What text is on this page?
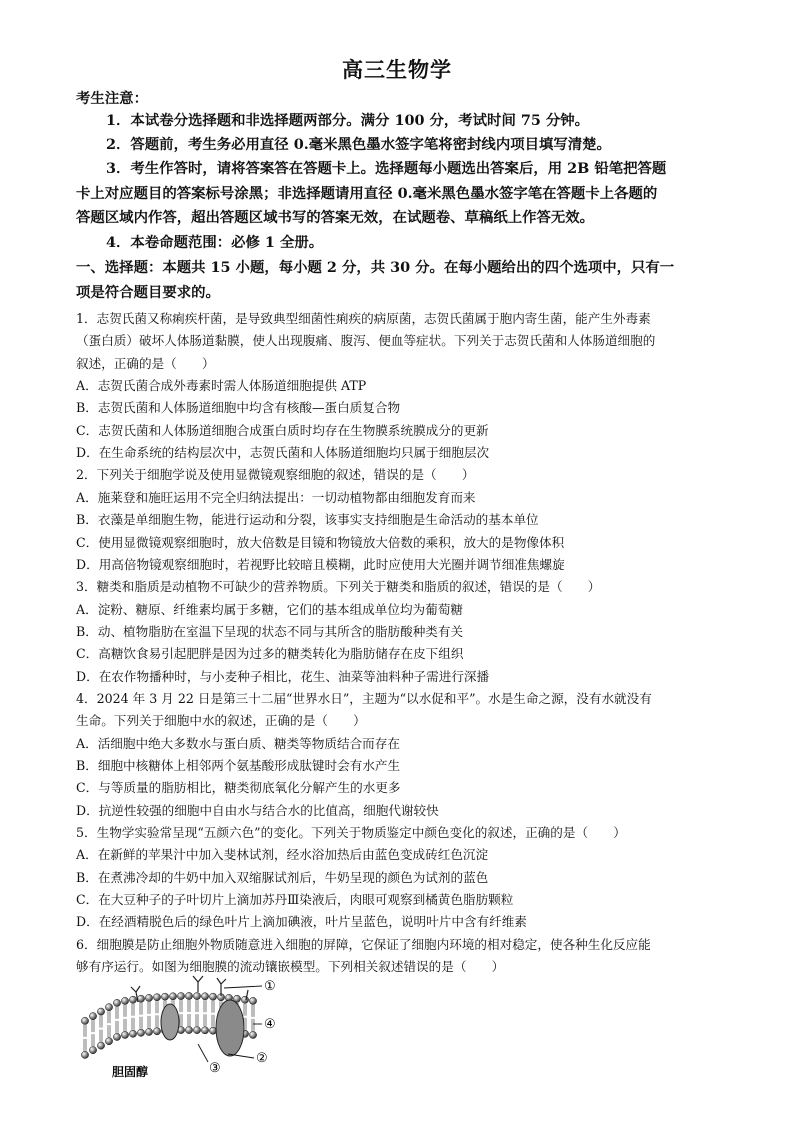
高三生物学
考生注意：
1．本试卷分选择题和非选择题两部分。满分 100 分，考试时间 75 分钟。
2．答题前，考生务必用直径 0.毫米黑色墨水签字笔将密封线内项目填写清楚。
3．考生作答时，请将答案答在答题卡上。选择题每小题选出答案后，用 2B 铅笔把答题
卡上对应题目的答案标号涂黑；非选择题请用直径 0.毫米黑色墨水签字笔在答题卡上各题的
答题区域内作答，超出答题区域书写的答案无效，在试题卷、草稿纸上作答无效。
4．本卷命题范围：必修 1 全册。
一、选择题：本题共 15 小题，每小题 2 分，共 30 分。在每小题给出的四个选项中，只有一
项是符合题目要求的。
1．志贺氏菌又称痢疾杆菌，是导致典型细菌性痢疾的病原菌，志贺氏菌属于胞内寄生菌，能产生外毒素
（蛋白质）破坏人体肠道黏膜，使人出现腹痛、腹泻、便血等症状。下列关于志贺氏菌和人体肠道细胞的
叙述，正确的是（　　）
A．志贺氏菌合成外毒素时需人体肠道细胞提供 ATP
B．志贺氏菌和人体肠道细胞中均含有核酸—蛋白质复合物
C．志贺氏菌和人体肠道细胞合成蛋白质时均存在生物膜系统膜成分的更新
D．在生命系统的结构层次中，志贺氏菌和人体肠道细胞均只属于细胞层次
2．下列关于细胞学说及使用显微镜观察细胞的叙述，错误的是（　　）
A．施莱登和施旺运用不完全归纳法提出：一切动植物都由细胞发育而来
B．衣藻是单细胞生物，能进行运动和分裂，该事实支持细胞是生命活动的基本单位
C．使用显微镜观察细胞时，放大倍数是目镜和物镜放大倍数的乘积，放大的是物像体积
D．用高倍物镜观察细胞时，若视野比较暗且模糊，此时应使用大光圈并调节细准焦螺旋
3．糖类和脂质是动植物不可缺少的营养物质。下列关于糖类和脂质的叙述，错误的是（　　）
A．淀粉、糖原、纤维素均属于多糖，它们的基本组成单位均为葡萄糖
B．动、植物脂肪在室温下呈现的状态不同与其所含的脂肪酸种类有关
C．高糖饮食易引起肥胖是因为过多的糖类转化为脂肪储存在皮下组织
D．在农作物播种时，与小麦种子相比，花生、油菜等油料种子需进行深播
4．2024 年 3 月 22 日是第三十二届“世界水日”，主题为“以水促和平”。水是生命之源，没有水就没有
生命。下列关于细胞中水的叙述，正确的是（　　）
A．活细胞中绝大多数水与蛋白质、糖类等物质结合而存在
B．细胞中核糖体上相邻两个氨基酸形成肽键时会有水产生
C．与等质量的脂肪相比，糖类彻底氧化分解产生的水更多
D．抗逆性较强的细胞中自由水与结合水的比值高，细胞代谢较快
5．生物学实验常呈现“五颜六色”的变化。下列关于物质鉴定中颜色变化的叙述，正确的是（　　）
A．在新鲜的苹果汁中加入斐林试剂，经水浴加热后由蓝色变成砖红色沉淀
B．在煮沸冷却的牛奶中加入双缩脲试剂后，牛奶呈现的颜色为试剂的蓝色
C．在大豆种子的子叶切片上滴加苏丹Ⅲ染液后，肉眼可观察到橘黄色脂肪颗粒
D．在经酒精脱色后的绿色叶片上滴加碘液，叶片呈蓝色，说明叶片中含有纤维素
6．细胞膜是防止细胞外物质随意进入细胞的屏障，它保证了细胞内环境的相对稳定，使各种生化反应能
够有序运行。如图为细胞膜的流动镶嵌模型。下列相关叙述错误的是（　　）
①
④
②
③
胆固醇
